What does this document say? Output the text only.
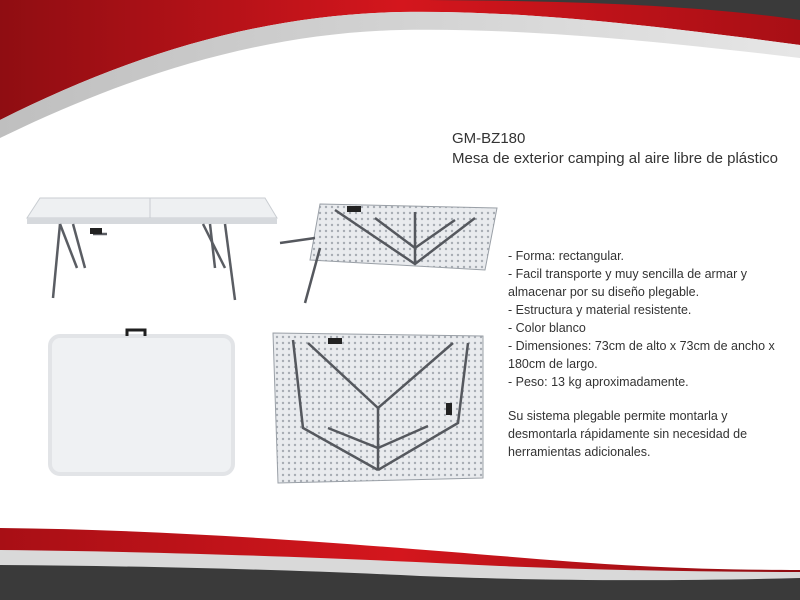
GM-BZ180
Mesa de exterior camping al aire libre de plástico
- Forma: rectangular.
- Facil transporte y muy sencilla de armar y almacenar por su diseño plegable.
- Estructura y material resistente.
- Color blanco
- Dimensiones: 73cm de alto x 73cm de ancho x 180cm de largo.
- Peso: 13 kg aproximadamente.

Su sistema plegable permite montarla y desmontarla rápidamente sin necesidad de herramientas adicionales.
